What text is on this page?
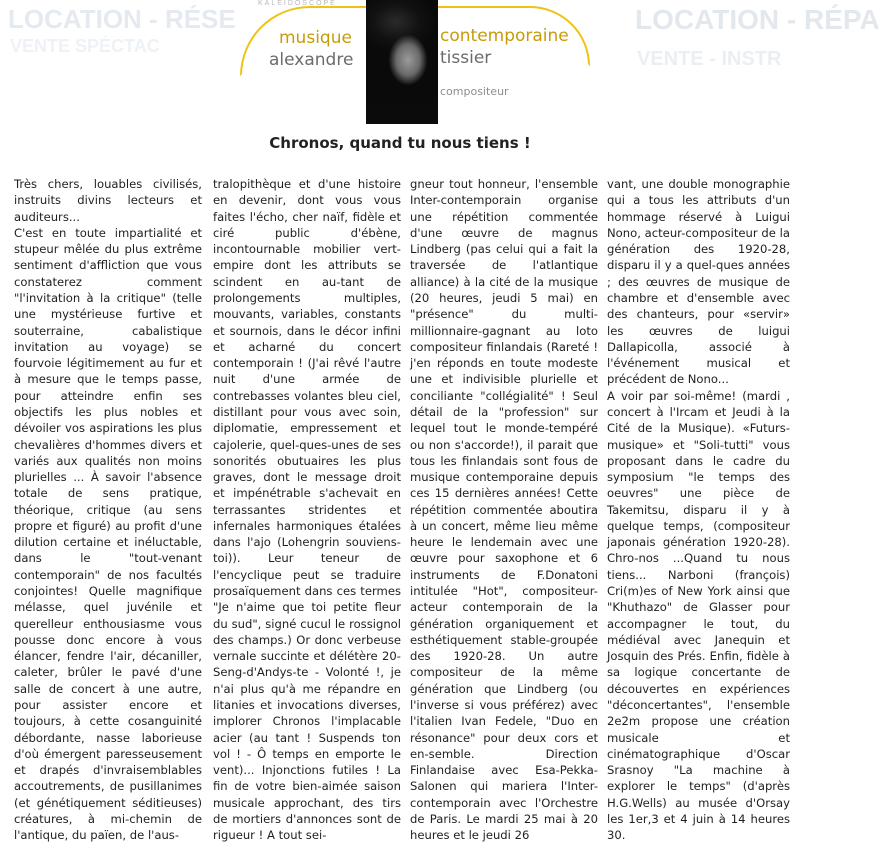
LOCATION - RÉSE
VENTE SPÉCTAC
LOCATION - RÉPA
VENTE - INSTR
KALEIDOSCOPE
musique
alexandre
contemporaine
tissier
compositeur
Chronos, quand tu nous tiens !
Très chers, louables civilisés, instruits divins lecteurs et auditeurs...
C'est en toute impartialité et stupeur mêlée du plus extrême sentiment d'affliction que vous constaterez comment "l'invitation à la critique" (telle une mystérieuse furtive et souterraine, cabalistique invitation au voyage) se fourvoie légitimement au fur et à mesure que le temps passe, pour atteindre enfin ses objectifs les plus nobles et dévoiler vos aspirations les plus chevalières d'hommes divers et variés aux qualités non moins plurielles ... À savoir l'absence totale de sens pratique, théorique, critique (au sens propre et figuré) au profit d'une dilution certaine et inéluctable, dans le "tout-venant contemporain" de nos facultés conjointes! Quelle magnifique mélasse, quel juvénile et querelleur enthousiasme vous pousse donc encore à vous élancer, fendre l'air, décaniller, caleter, brûler le pavé d'une salle de concert à une autre, pour assister encore et toujours, à cette cosanguinité débordante, nasse laborieuse d'où émergent paresseusement et drapés d'invraisemblables accoutrements, de pusillanimes (et génétiquement séditieuses) créatures, à mi-chemin de l'antique, du païen, de l'aus-
tralopithèque et d'une histoire en devenir, dont vous vous faites l'écho, cher naïf, fidèle et ciré public d'ébène, incontournable mobilier vert-empire dont les attributs se scindent en au-tant de prolongements multiples, mouvants, variables, constants et sournois, dans le décor infini et acharné du concert contemporain ! (J'ai rêvé l'autre nuit d'une armée de contrebasses volantes bleu ciel, distillant pour vous avec soin, diplomatie, empressement et cajolerie, quel-ques-unes de ses sonorités obutuaires les plus graves, dont le message droit et impénétrable s'achevait en terrassantes stridentes et infernales harmoniques étalées dans l'ajo (Lohengrin souviens-toi)). Leur teneur de l'encyclique peut se traduire prosaïquement dans ces termes "Je n'aime que toi petite fleur du sud", signé cucul le rossignol des champs.) Or donc verbeuse vernale succinte et délétère 20-Seng-d'Andys-te - Volonté !, je n'ai plus qu'à me répandre en litanies et invocations diverses, implorer Chronos l'implacable acier (au tant ! Suspends ton vol ! - Ô temps en emporte le vent)... Injonctions futiles ! La fin de votre bien-aimée saison musicale approchant, des tirs de mortiers d'annonces sont de rigueur ! A tout sei-
gneur tout honneur, l'ensemble Inter-contemporain organise une répétition commentée d'une œuvre de magnus Lindberg (pas celui qui a fait la traversée de l'atlantique alliance) à la cité de la musique (20 heures, jeudi 5 mai) en "présence" du multi-millionnaire-gagnant au loto compositeur finlandais (Rareté ! j'en réponds en toute modeste une et indivisible plurielle et conciliante "collégialité" ! Seul détail de la "profession" sur lequel tout le monde-tempéré ou non s'accorde!), il parait que tous les finlandais sont fous de musique contemporaine depuis ces 15 dernières années! Cette répétition commentée aboutira à un concert, même lieu même heure le lendemain avec une œuvre pour saxophone et 6 instruments de F.Donatoni intitulée "Hot", compositeur-acteur contemporain de la génération organiquement et esthétiquement stable-groupée des 1920-28. Un autre compositeur de la même génération que Lindberg (ou l'inverse si vous préférez) avec l'italien Ivan Fedele, "Duo en résonance" pour deux cors et en-semble. Direction Finlandaise avec Esa-Pekka-Salonen qui mariera l'Inter-contemporain avec l'Orchestre de Paris. Le mardi 25 mai à 20 heures et le jeudi 26
vant, une double monographie qui a tous les attributs d'un hommage réservé à Luigui Nono, acteur-compositeur de la génération des 1920-28, disparu il y a quel-ques années ; des œuvres de musique de chambre et d'ensemble avec des chanteurs, pour «servir» les œuvres de luigui Dallapicolla, associé à l'événement musical et précédent de Nono...
A voir par soi-même! (mardi , concert à l'Ircam et Jeudi à la Cité de la Musique). «Futurs-musique» et "Soli-tutti" vous proposant dans le cadre du symposium "le temps des oeuvres" une pièce de Takemitsu, disparu il y à quelque temps, (compositeur japonais génération 1920-28). Chro-nos ...Quand tu nous tiens... Narboni (françois) Cri(m)es of New York ainsi que "Khuthazo" de Glasser pour accompagner le tout, du médiéval avec Janequin et Josquin des Prés. Enfin, fidèle à sa logique concertante de découvertes en expériences "déconcertantes", l'ensemble 2e2m propose une création musicale et cinématographique d'Oscar Srasnoy "La machine à explorer le temps" (d'après H.G.Wells) au musée d'Orsay les 1er,3 et 4 juin à 14 heures 30.
